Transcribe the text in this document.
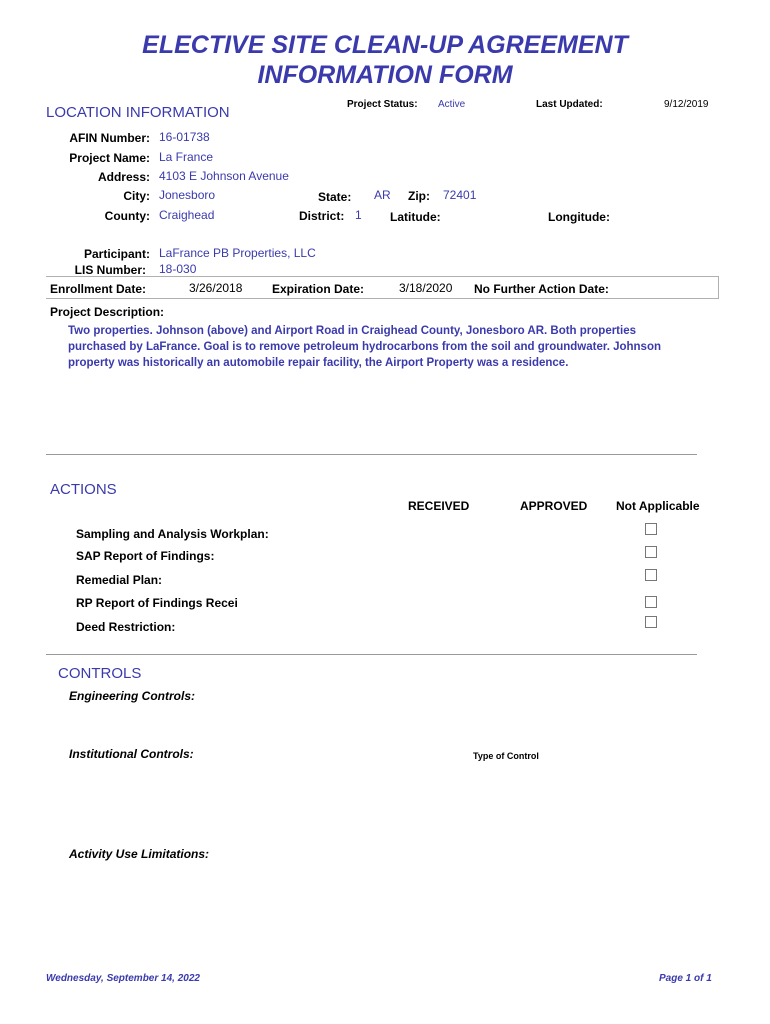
ELECTIVE SITE CLEAN-UP AGREEMENT
INFORMATION FORM
LOCATION INFORMATION	Project Status: Active	Last Updated:	9/12/2019
AFIN Number: 16-01738
Project Name: La France
Address: 4103 E Johnson Avenue
City: Jonesboro	State: AR Zip: 72401
County: Craighead	District: 1 Latitude:	Longitude:
Participant: LaFrance PB Properties, LLC
LIS Number: 18-030
Enrollment Date:	3/26/2018 Expiration Date:	3/18/2020 No Further Action Date:
Project Description:
Two properties. Johnson (above) and Airport Road in Craighead County, Jonesboro AR. Both properties purchased by LaFrance. Goal is to remove petroleum hydrocarbons from the soil and groundwater. Johnson property was historically an automobile repair facility, the Airport Property was a residence.
ACTIONS
RECEIVED	APPROVED Not Applicable
Sampling and Analysis Workplan:
SAP Report of Findings:
Remedial Plan:
RP Report of Findings Recei
Deed Restriction:
CONTROLS
Engineering Controls:
Institutional Controls:	Type of Control
Activity Use Limitations:
Wednesday, September 14, 2022	Page 1 of 1
